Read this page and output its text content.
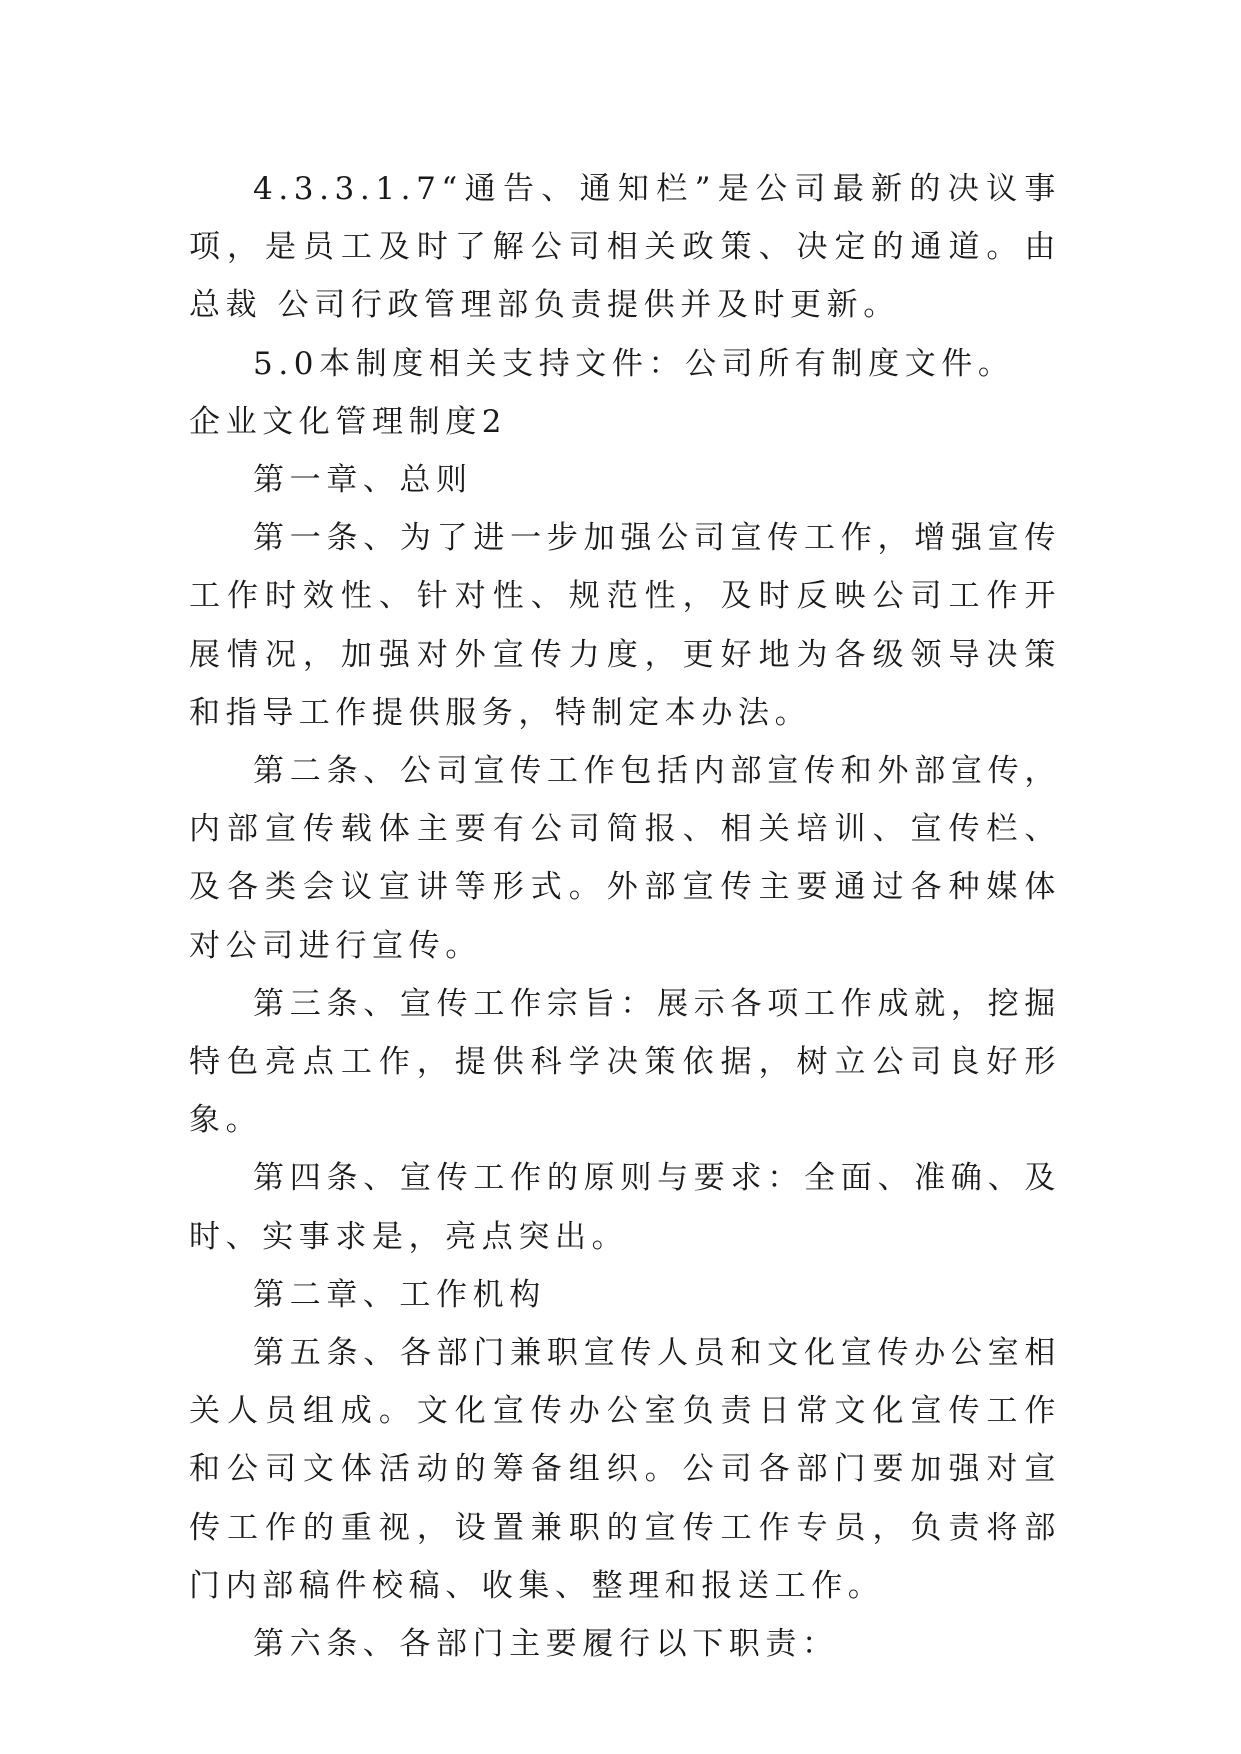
4.3.3.1.7“通告、通知栏”是公司最新的决议事项，是员工及时了解公司相关政策、决定的通道。由总裁 公司行政管理部负责提供并及时更新。

5.0本制度相关支持文件：公司所有制度文件。

企业文化管理制度2

第一章、总则

第一条、为了进一步加强公司宣传工作，增强宣传工作时效性、针对性、规范性，及时反映公司工作开展情况，加强对外宣传力度，更好地为各级领导决策和指导工作提供服务，特制定本办法。

第二条、公司宣传工作包括内部宣传和外部宣传，内部宣传载体主要有公司简报、相关培训、宣传栏、及各类会议宣讲等形式。外部宣传主要通过各种媒体对公司进行宣传。

第三条、宣传工作宗旨：展示各项工作成就，挖掘特色亮点工作，提供科学决策依据，树立公司良好形象。

第四条、宣传工作的原则与要求：全面、准确、及时、实事求是，亮点突出。

第二章、工作机构

第五条、各部门兼职宣传人员和文化宣传办公室相关人员组成。文化宣传办公室负责日常文化宣传工作和公司文体活动的筹备组织。公司各部门要加强对宣传工作的重视，设置兼职的宣传工作专员，负责将部门内部稿件校稿、收集、整理和报送工作。

第六条、各部门主要履行以下职责：
